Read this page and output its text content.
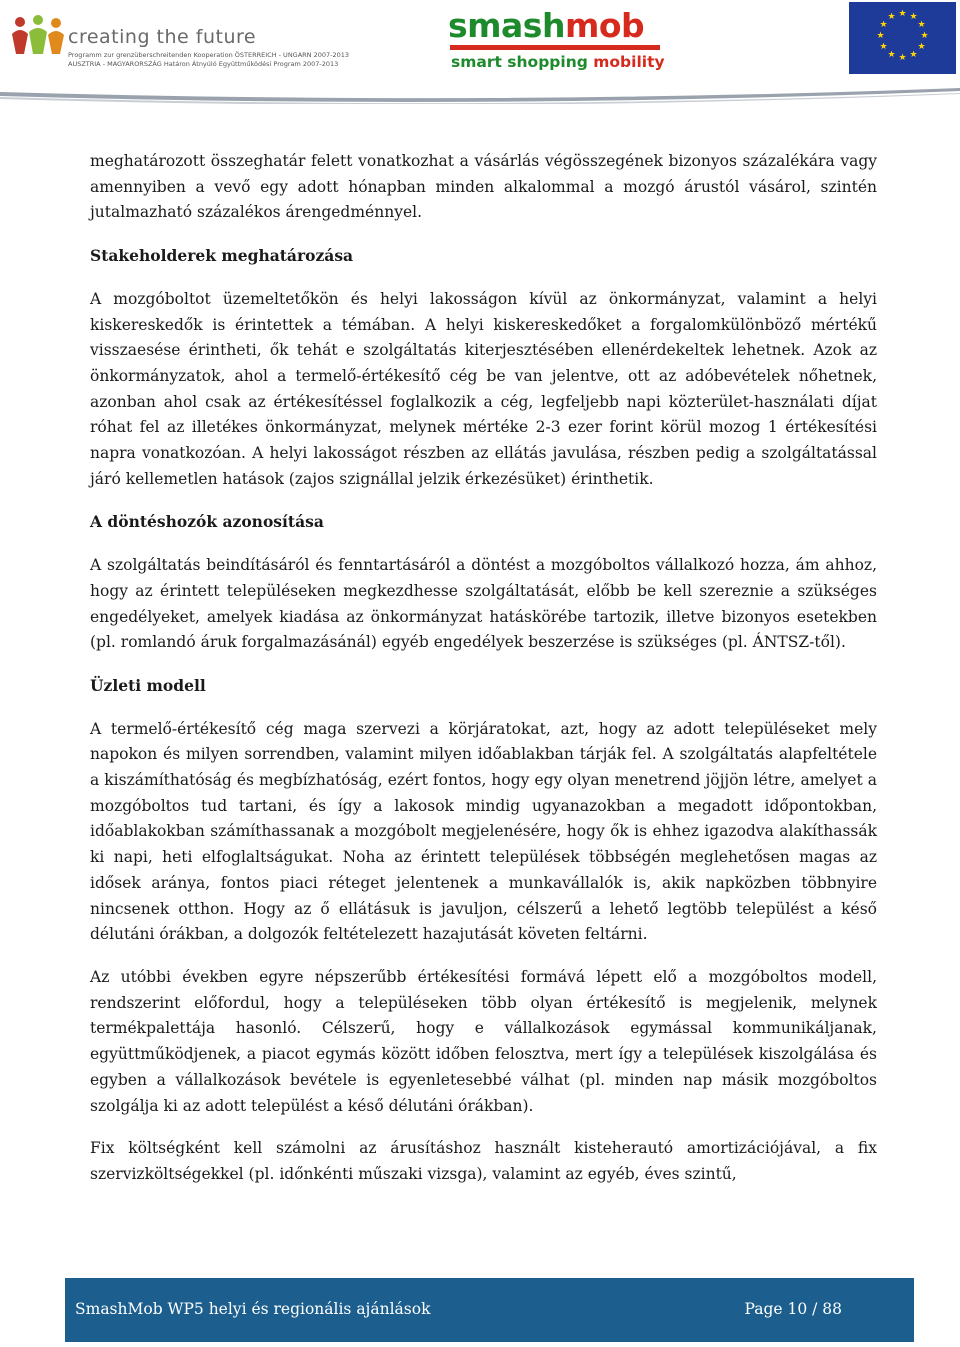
creating the future
Programm zur grenzüberschreitenden Kooperation ÖSTERREICH - UNGARN 2007-2013
AUSZTRIA - MAGYARORSZÁG Határon Átnyúló Együttműködési Program 2007-2013
smashmob
smart shopping mobility
★ ★
★
★
★
★
★
★
★
★
★
★

meghatározott összeghatár felett vonatkozhat a vásárlás végösszegének bizonyos százalékára vagy amennyiben a vevő egy adott hónapban minden alkalommal a mozgó árustól vásárol, szintén jutalmazható százalékos árengedménnyel.

Stakeholderek meghatározása

A mozgóboltot üzemeltetőkön és helyi lakosságon kívül az önkormányzat, valamint a helyi kiskereskedők is érintettek a témában. A helyi kiskereskedőket a forgalomkülönböző mértékű visszaesése érintheti, ők tehát e szolgáltatás kiterjesztésében ellenérdekeltek lehetnek. Azok az önkormányzatok, ahol a termelő-értékesítő cég be van jelentve, ott az adóbevételek nőhetnek, azonban ahol csak az értékesítéssel foglalkozik a cég, legfeljebb napi közterület-használati díjat róhat fel az illetékes önkormányzat, melynek mértéke 2-3 ezer forint körül mozog 1 értékesítési napra vonatkozóan. A helyi lakosságot részben az ellátás javulása, részben pedig a szolgáltatással járó kellemetlen hatások (zajos szignállal jelzik érkezésüket) érinthetik.

A döntéshozók azonosítása

A szolgáltatás beindításáról és fenntartásáról a döntést a mozgóboltos vállalkozó hozza, ám ahhoz, hogy az érintett településeken megkezdhesse szolgáltatását, előbb be kell szereznie a szükséges engedélyeket, amelyek kiadása az önkormányzat hatáskörébe tartozik, illetve bizonyos esetekben (pl. romlandó áruk forgalmazásánál) egyéb engedélyek beszerzése is szükséges (pl. ÁNTSZ-től).

Üzleti modell

A termelő-értékesítő cég maga szervezi a körjáratokat, azt, hogy az adott településeket mely napokon és milyen sorrendben, valamint milyen időablakban tárják fel. A szolgáltatás alapfeltétele a kiszámíthatóság és megbízhatóság, ezért fontos, hogy egy olyan menetrend jöjjön létre, amelyet a mozgóboltos tud tartani, és így a lakosok mindig ugyanazokban a megadott időpontokban, időablakokban számíthassanak a mozgóbolt megjelenésére, hogy ők is ehhez igazodva alakíthassák ki napi, heti elfoglaltságukat. Noha az érintett települések többségén meglehetősen magas az idősek aránya, fontos piaci réteget jelentenek a munkavállalók is, akik napközben többnyire nincsenek otthon. Hogy az ő ellátásuk is javuljon, célszerű a lehető legtöbb települést a késő délutáni órákban, a dolgozók feltételezett hazajutását követen feltárni.

Az utóbbi években egyre népszerűbb értékesítési formává lépett elő a mozgóboltos modell, rendszerint előfordul, hogy a településeken több olyan értékesítő is megjelenik, melynek termékpalettája hasonló. Célszerű, hogy e vállalkozások egymással kommunikáljanak, együttműködjenek, a piacot egymás között időben felosztva, mert így a települések kiszolgálása és egyben a vállalkozások bevétele is egyenletesebbé válhat (pl. minden nap másik mozgóboltos szolgálja ki az adott települést a késő délutáni órákban).

Fix költségként kell számolni az árusításhoz használt kisteherautó amortizációjával, a fix szervizköltségekkel (pl. időnkénti műszaki vizsga), valamint az egyéb, éves szintű,

SmashMob WP5 helyi és regionális ajánlások	Page 10 / 88
